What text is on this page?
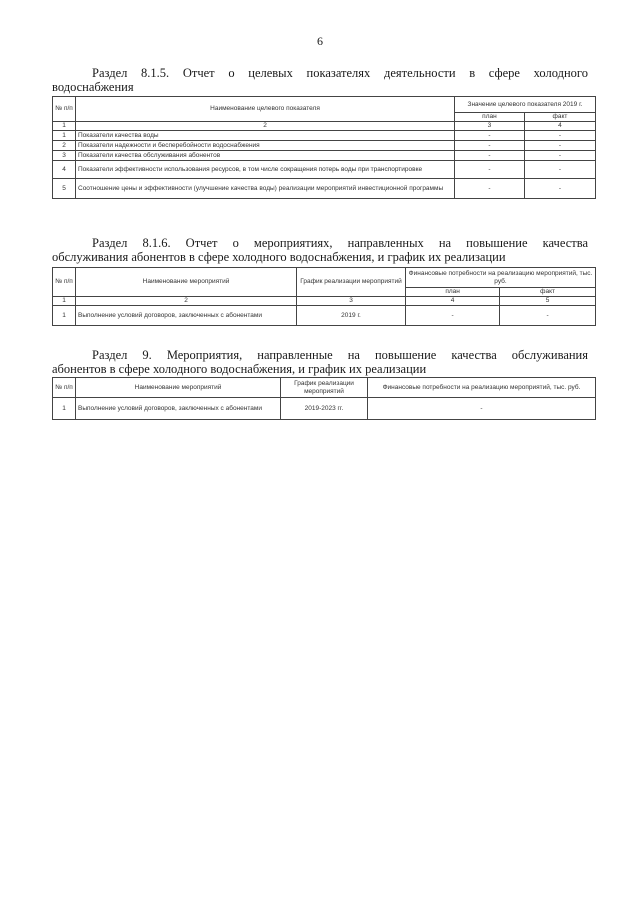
6
Раздел 8.1.5. Отчет о целевых показателях деятельности в сфере холодного
водоснабжения
№ п/п	Наименование целевого показателя	Значение целевого показателя 2019 г.	
		план	факт
1	2	3	4
1	Показатели качества воды	-	-
2	Показатели надежности и бесперебойности водоснабжения	-	-
3	Показатели качества обслуживания абонентов	-	-
4	Показатели эффективности использования ресурсов, в том числе сокращения потерь воды при транспортировке	-	-
5	Соотношение цены и эффективности (улучшение качества воды) реализации мероприятий инвестиционной программы	-	-
Раздел 8.1.6. Отчет о мероприятиях, направленных на повышение качества
обслуживания абонентов в сфере холодного водоснабжения, и график их реализации
№ п/п	Наименование мероприятий	График реализации мероприятий	Финансовые потребности на реализацию мероприятий, тыс. руб.	
			план	факт
1	2	3	4	5
1	Выполнение условий договоров, заключенных с абонентами	2019 г.	-	-
Раздел 9. Мероприятия, направленные на повышение качества обслуживания
абонентов в сфере холодного водоснабжения, и график их реализации
№ п/п	Наименование мероприятий	График реализации мероприятий	Финансовые потребности на реализацию мероприятий, тыс. руб.
1	Выполнение условий договоров, заключенных с абонентами	2019-2023 гг.	-
